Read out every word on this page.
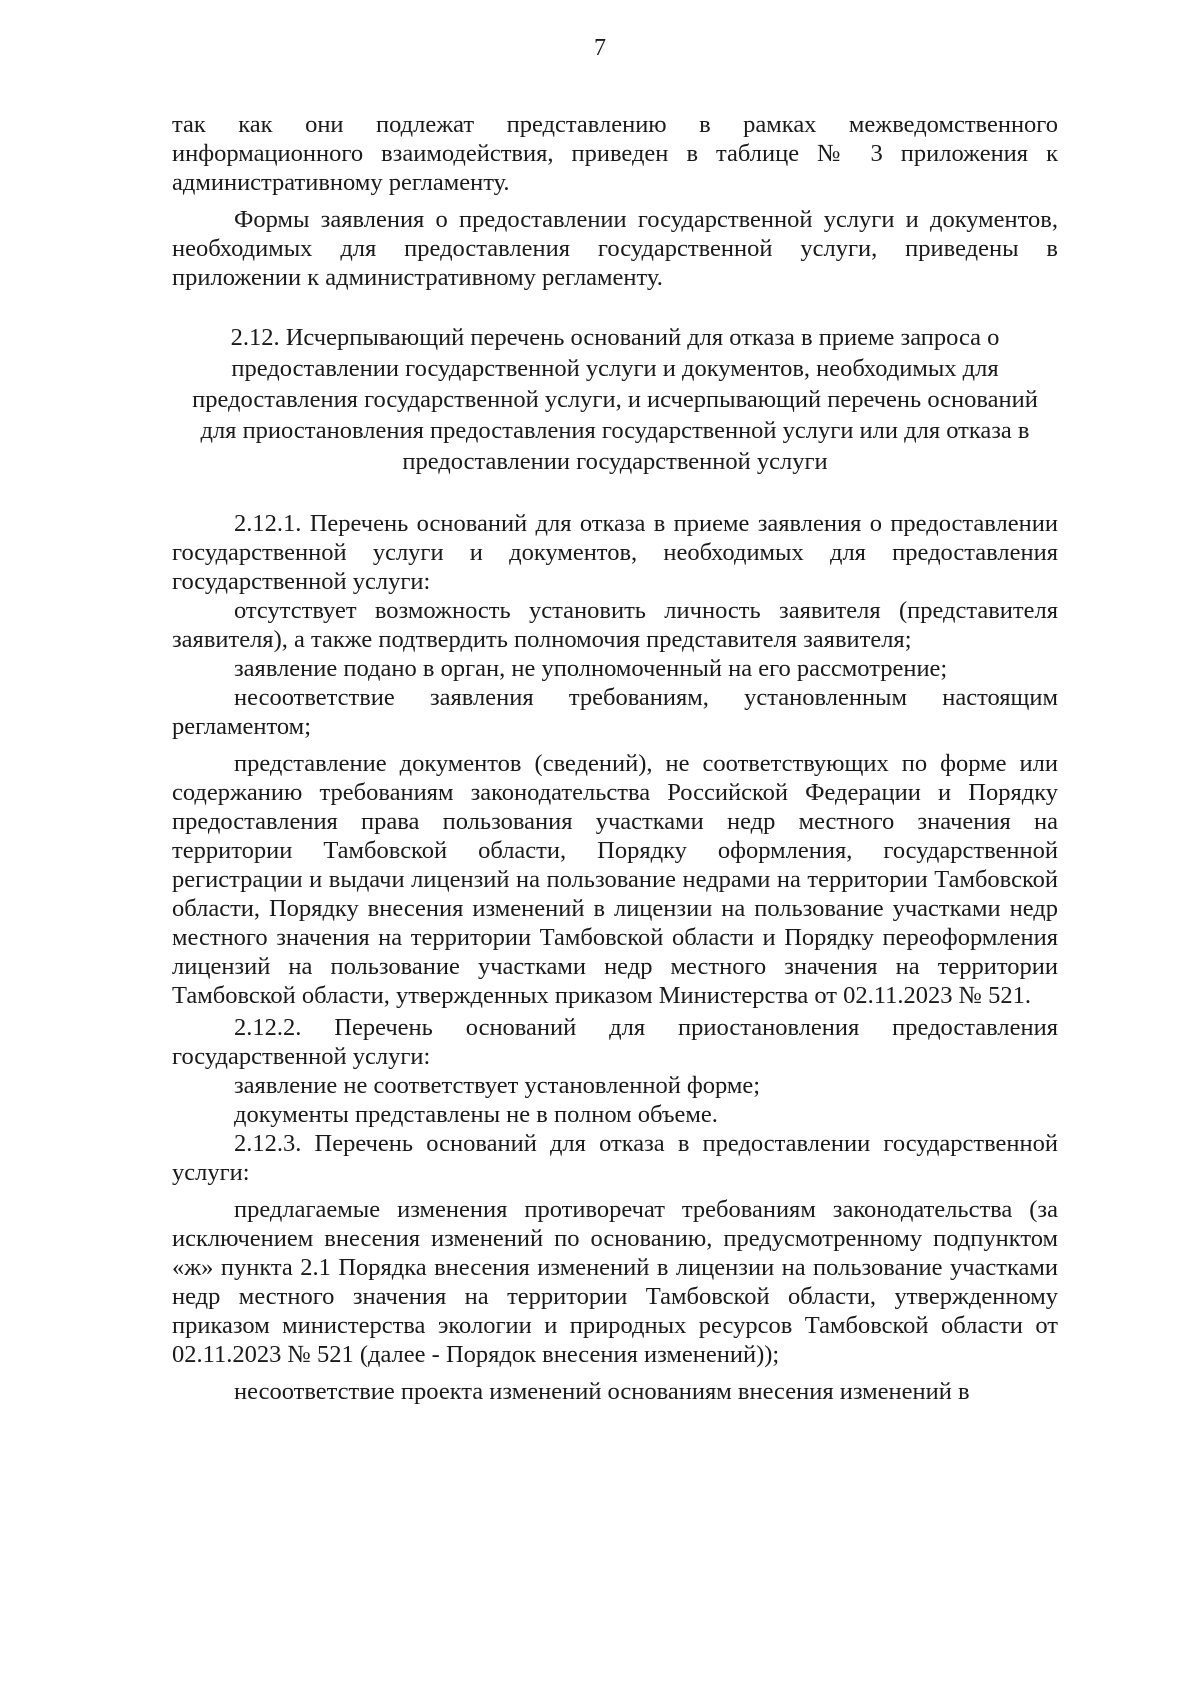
7

так как они подлежат представлению в рамках межведомственного информационного взаимодействия, приведен в таблице № 3 приложения к административному регламенту.

Формы заявления о предоставлении государственной услуги и документов, необходимых для предоставления государственной услуги, приведены в приложении к административному регламенту.

2.12. Исчерпывающий перечень оснований для отказа в приеме запроса о предоставлении государственной услуги и документов, необходимых для предоставления государственной услуги, и исчерпывающий перечень оснований для приостановления предоставления государственной услуги или для отказа в предоставлении государственной услуги

2.12.1. Перечень оснований для отказа в приеме заявления о предоставлении государственной услуги и документов, необходимых для предоставления государственной услуги:

отсутствует возможность установить личность заявителя (представителя заявителя), а также подтвердить полномочия представителя заявителя;

заявление подано в орган, не уполномоченный на его рассмотрение;

несоответствие заявления требованиям, установленным настоящим регламентом;

представление документов (сведений), не соответствующих по форме или содержанию требованиям законодательства Российской Федерации и Порядку предоставления права пользования участками недр местного значения на территории Тамбовской области, Порядку оформления, государственной регистрации и выдачи лицензий на пользование недрами на территории Тамбовской области, Порядку внесения изменений в лицензии на пользование участками недр местного значения на территории Тамбовской области и Порядку переоформления лицензий на пользование участками недр местного значения на территории Тамбовской области, утвержденных приказом Министерства от 02.11.2023 № 521.

2.12.2. Перечень оснований для приостановления предоставления государственной услуги:

заявление не соответствует установленной форме;

документы представлены не в полном объеме.

2.12.3. Перечень оснований для отказа в предоставлении государственной услуги:

предлагаемые изменения противоречат требованиям законодательства (за исключением внесения изменений по основанию, предусмотренному подпунктом «ж» пункта 2.1 Порядка внесения изменений в лицензии на пользование участками недр местного значения на территории Тамбовской области, утвержденному приказом министерства экологии и природных ресурсов Тамбовской области от 02.11.2023 № 521 (далее - Порядок внесения изменений));

несоответствие проекта изменений основаниям внесения изменений в
